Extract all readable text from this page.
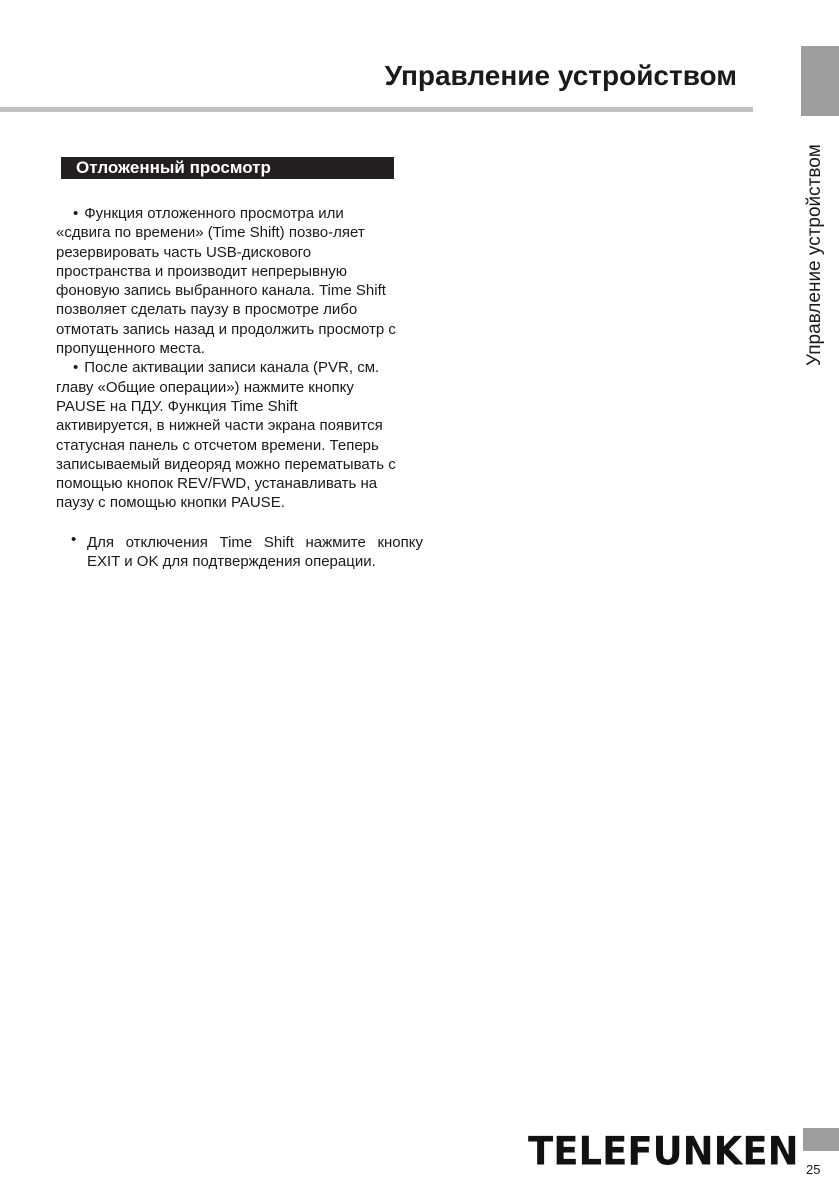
Управление устройством
Управление устройством
Отложенный просмотр

• Функция отложенного просмотра или «сдвига по времени» (Time Shift) позво-ляет резервировать часть USB-дискового пространства и производит непрерывную фоновую запись выбранного канала. Time Shift позволяет сделать паузу в просмотре либо отмотать запись назад и продолжить просмотр с пропущенного места.

• После активации записи канала (PVR, см. главу «Общие операции») нажмите кнопку PAUSE на ПДУ. Функция Time Shift активируется, в нижней части экрана появится статусная панель с отсчетом времени. Теперь записываемый видеоряд можно перематывать с помощью кнопок REV/FWD, устанавливать на паузу с помощью кнопки PAUSE.

• Для отключения Time Shift нажмите кнопку EXIT и OK для подтверждения операции.
TELEFUNKEN 25
